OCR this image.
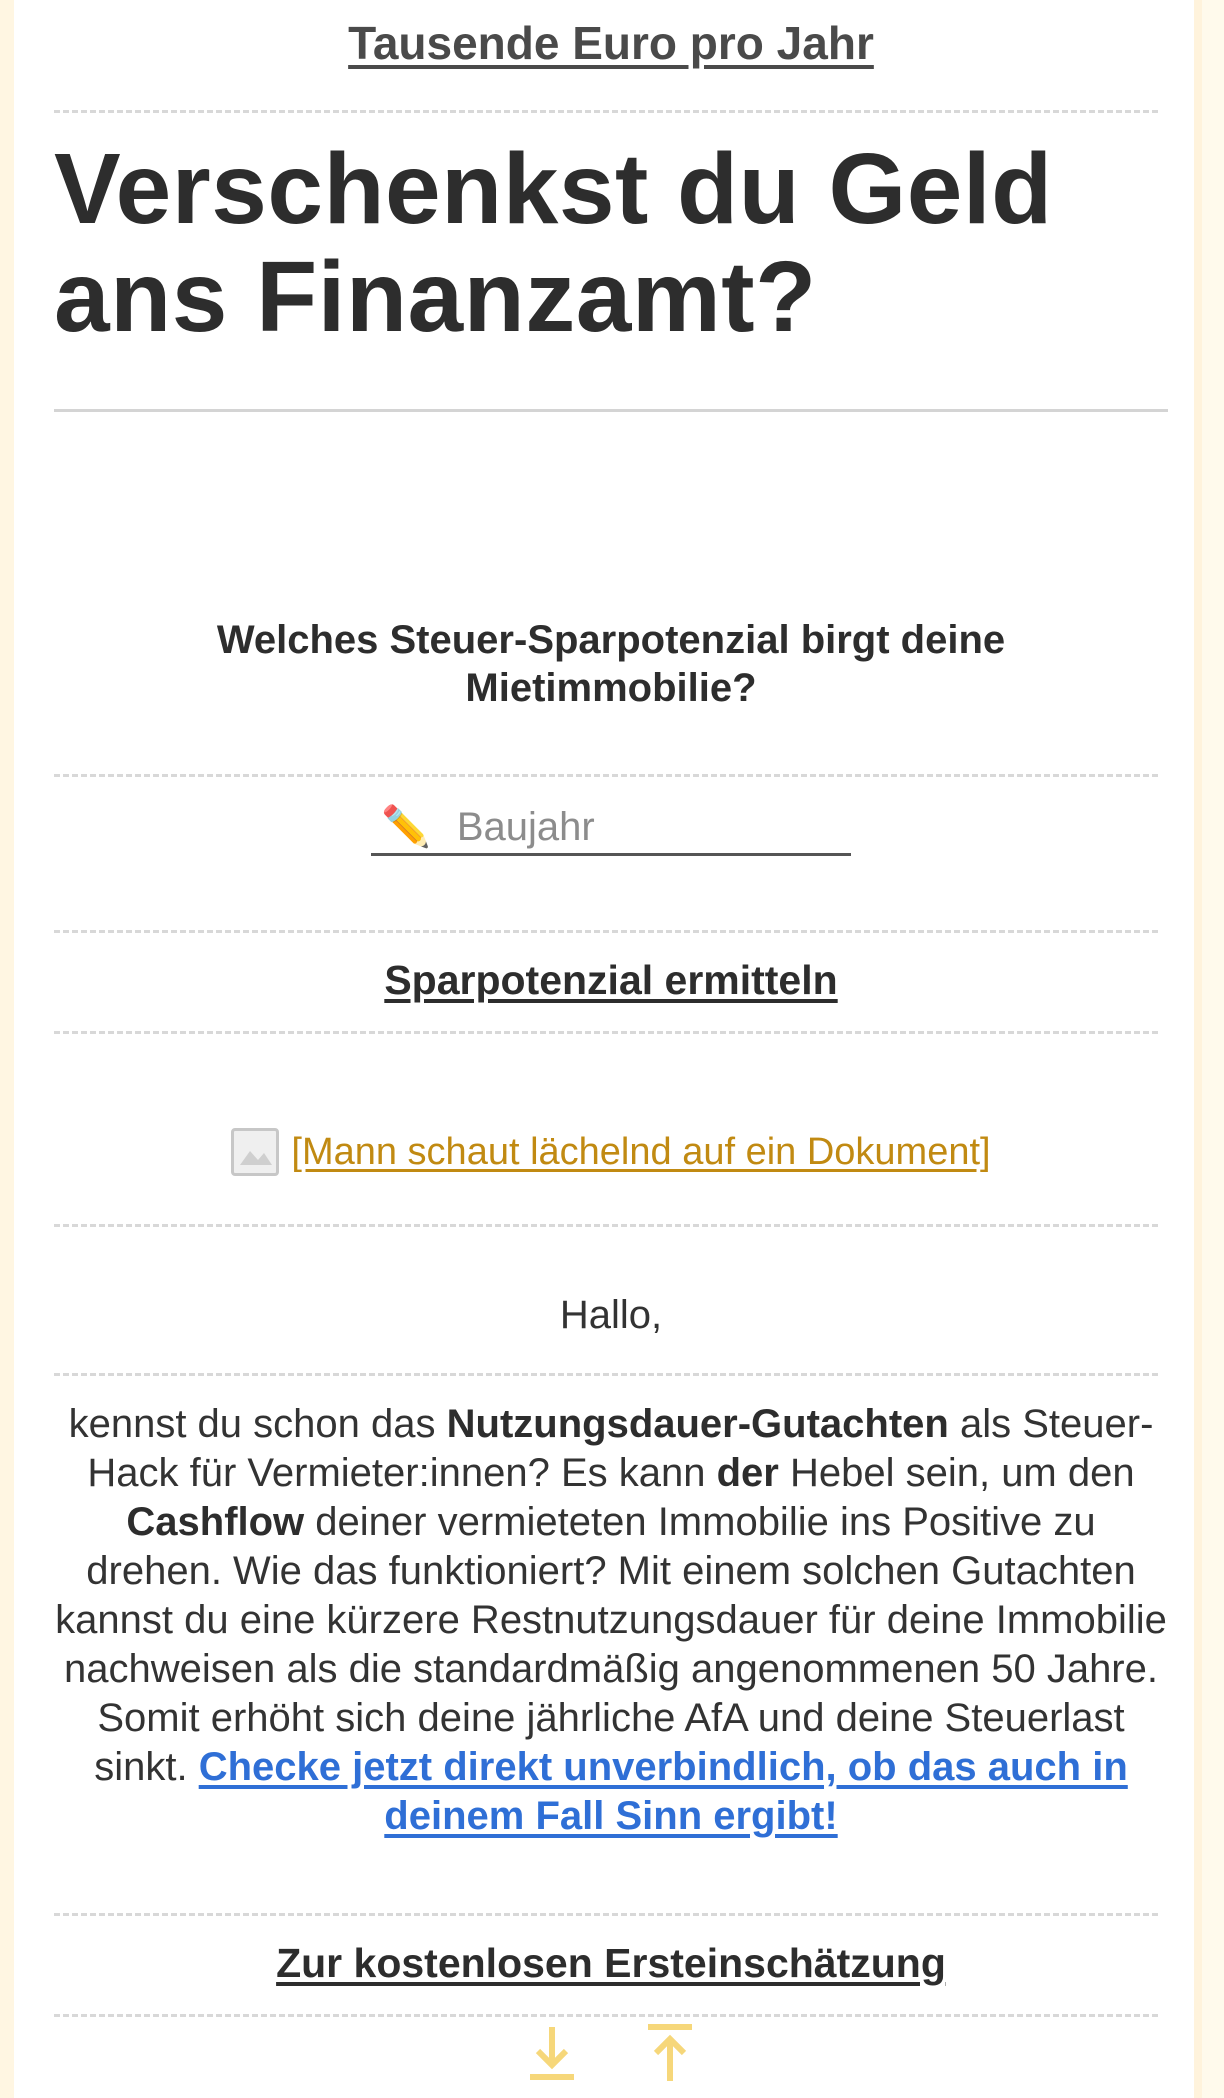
Tausende Euro pro Jahr
Verschenkst du Geld
ans Finanzamt?
Welches Steuer-Sparpotenzial birgt deine
Mietimmobilie?
✏️
Baujahr
Sparpotenzial ermitteln
[Mann schaut lächelnd auf ein Dokument]
Hallo,
kennst du schon das Nutzungsdauer-Gutachten als Steuer-Hack für Vermieter:innen? Es kann der Hebel sein, um den Cashflow deiner vermieteten Immobilie ins Positive zu drehen. Wie das funktioniert? Mit einem solchen Gutachten kannst du eine kürzere Restnutzungsdauer für deine Immobilie nachweisen als die standardmäßig angenommenen 50 Jahre. Somit erhöht sich deine jährliche AfA und deine Steuerlast sinkt. Checke jetzt direkt unverbindlich, ob das auch in deinem Fall Sinn ergibt!
Zur kostenlosen Ersteinschätzung
